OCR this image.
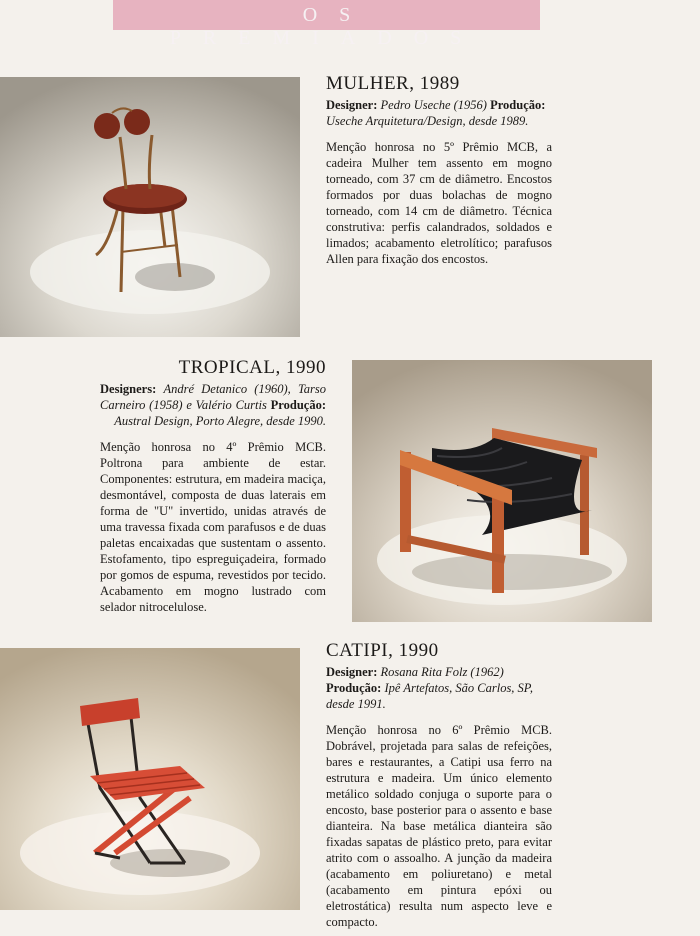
OS PREMIADOS
MULHER, 1989

Designer: Pedro Useche (1956) Produção: Useche Arquitetura/Design, desde 1989.

Menção honrosa no 5º Prêmio MCB, a cadeira Mulher tem assento em mogno torneado, com 37 cm de diâmetro. Encostos formados por duas bolachas de mogno torneado, com 14 cm de diâmetro. Técnica construtiva: perfis calandrados, soldados e limados; acabamento eletrolítico; parafusos Allen para fixação dos encostos.

TROPICAL, 1990

Designers: André Detanico (1960), Tarso Carneiro (1958) e Valério Curtis Produção: Austral Design, Porto Alegre, desde 1990.

Menção honrosa no 4º Prêmio MCB. Poltrona para ambiente de estar. Componentes: estrutura, em madeira maciça, desmontável, composta de duas laterais em forma de "U" invertido, unidas através de uma travessa fixada com parafusos e de duas paletas encaixadas que sustentam o assento. Estofamento, tipo espreguiçadeira, formado por gomos de espuma, revestidos por tecido. Acabamento em mogno lustrado com selador nitrocelulose.

CATIPI, 1990

Designer: Rosana Rita Folz (1962)
Produção: Ipê Artefatos, São Carlos, SP, desde 1991.

Menção honrosa no 6º Prêmio MCB. Dobrável, projetada para salas de refeições, bares e restaurantes, a Catipi usa ferro na estrutura e madeira. Um único elemento metálico soldado conjuga o suporte para o encosto, base posterior para o assento e base dianteira. Na base metálica dianteira são fixadas sapatas de plástico preto, para evitar atrito com o assoalho. A junção da madeira (acabamento em poliuretano) e metal (acabamento em pintura epóxi ou eletrostática) resulta num aspecto leve e compacto.
